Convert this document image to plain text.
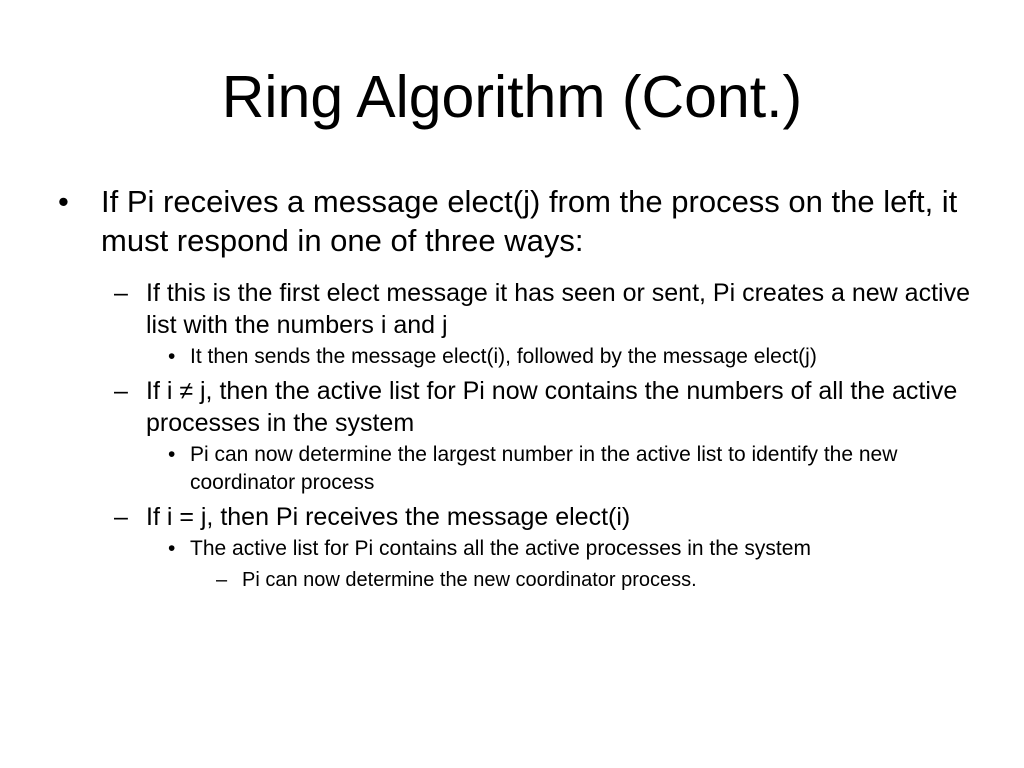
Ring Algorithm (Cont.)
• If Pi receives a message elect(j) from the process on the left, it must respond in one of three ways:
– If this is the first elect message it has seen or sent, Pi creates a new active list with the numbers i and j
• It then sends the message elect(i), followed by the message elect(j)
– If i ≠ j, then the active list for Pi now contains the numbers of all the active processes in the system
• Pi can now determine the largest number in the active list to identify the new coordinator process
– If i = j, then Pi receives the message elect(i)
• The active list for Pi contains all the active processes in the system
– Pi can now determine the new coordinator process.
